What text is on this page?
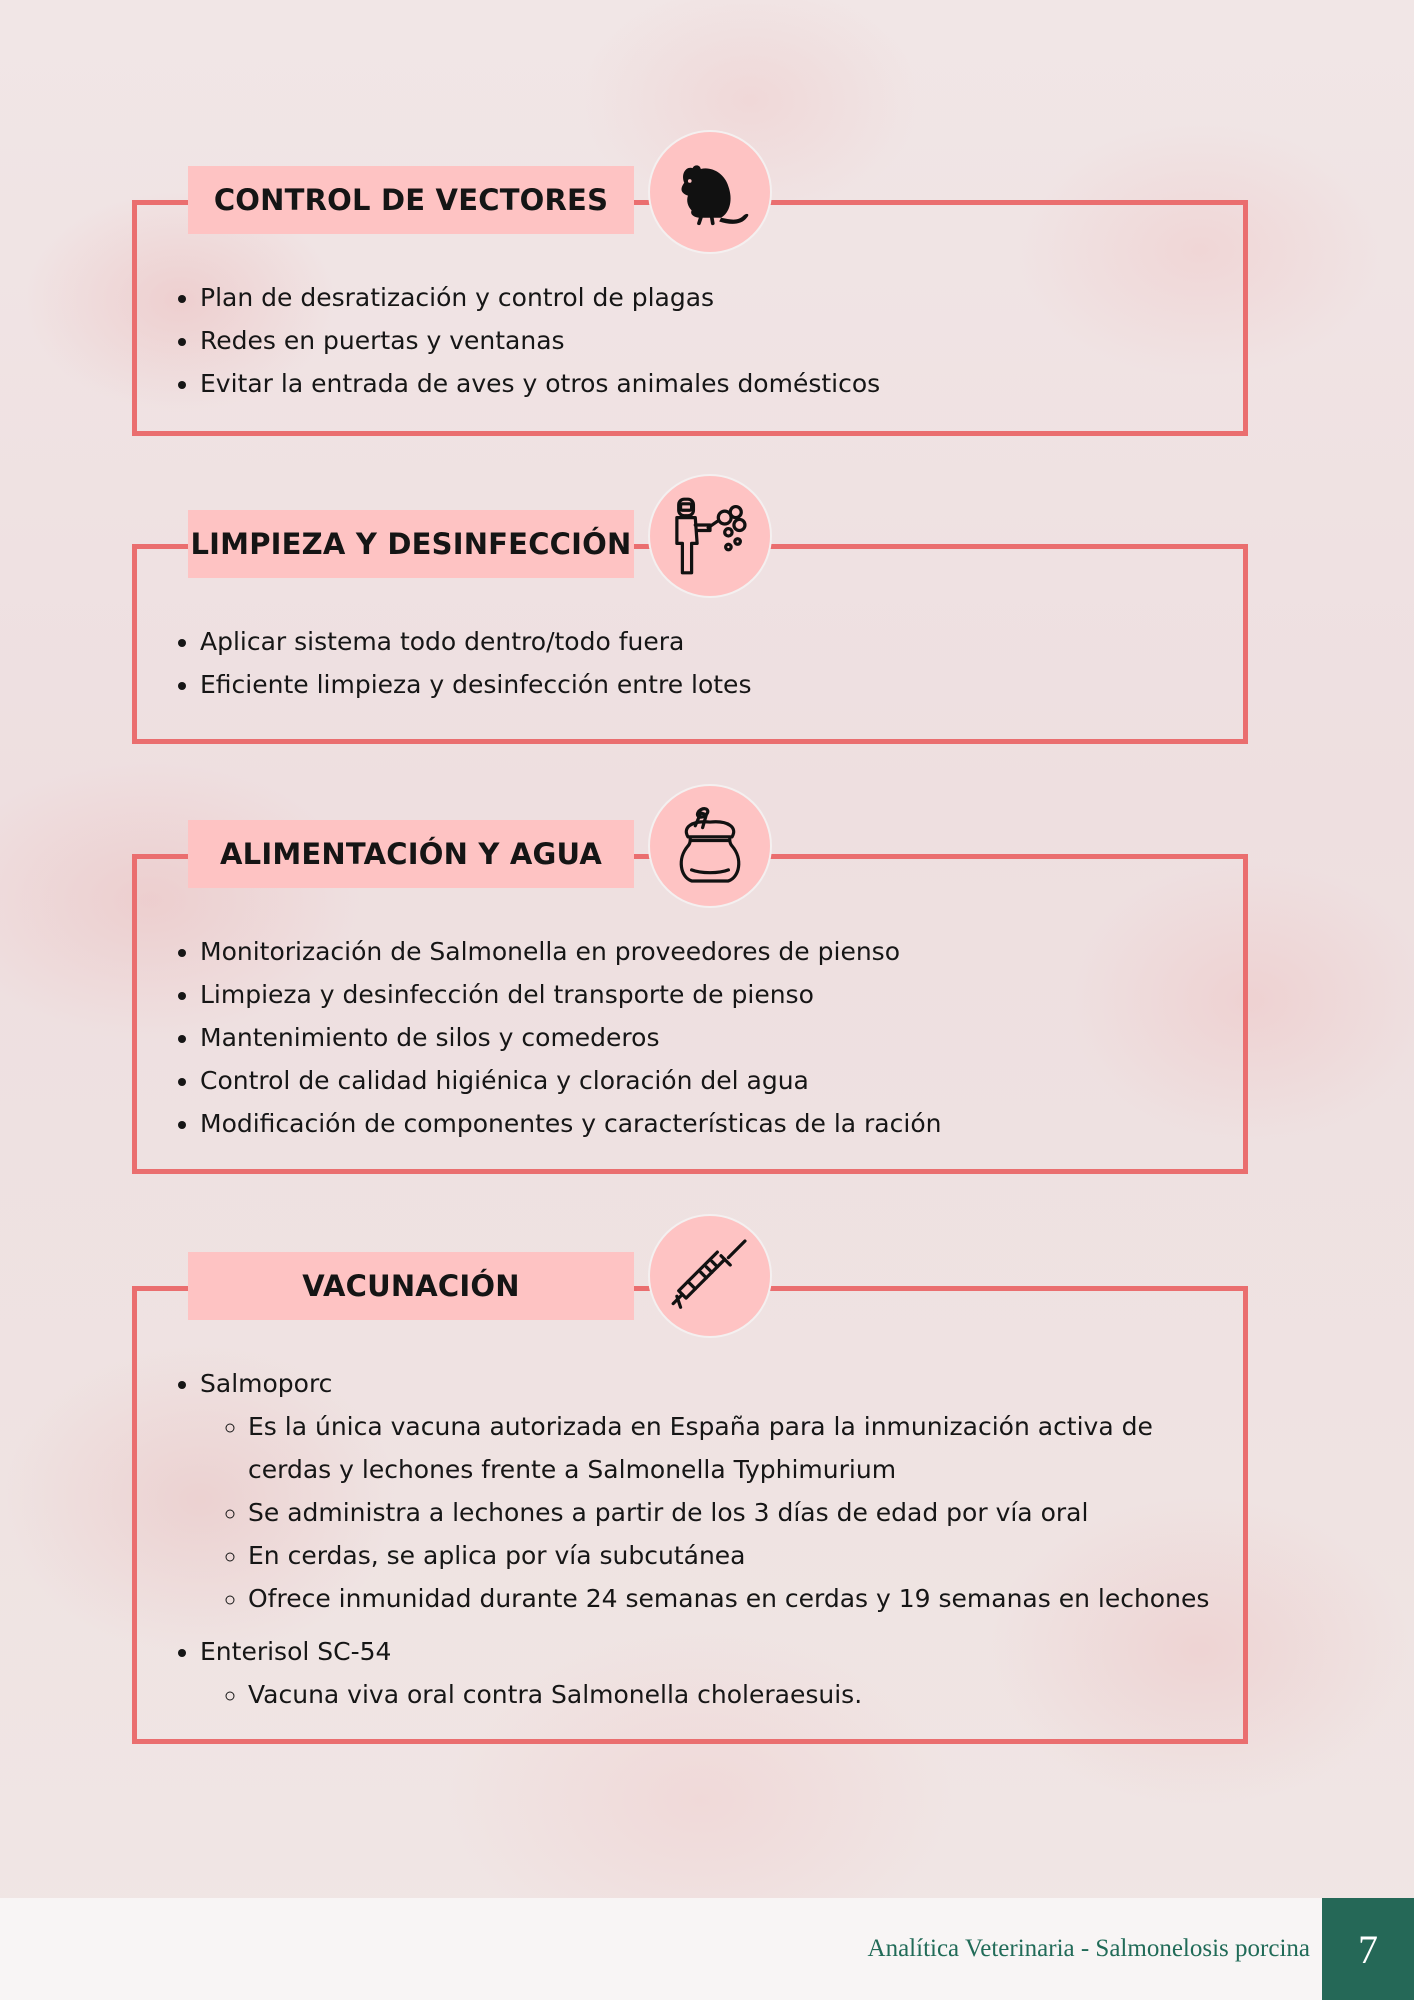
CONTROL DE VECTORES
• Plan de desratización y control de plagas
• Redes en puertas y ventanas
• Evitar la entrada de aves y otros animales domésticos
LIMPIEZA Y DESINFECCIÓN
• Aplicar sistema todo dentro/todo fuera
• Eficiente limpieza y desinfección entre lotes
ALIMENTACIÓN Y AGUA
• Monitorización de Salmonella en proveedores de pienso
• Limpieza y desinfección del transporte de pienso
• Mantenimiento de silos y comederos
• Control de calidad higiénica y cloración del agua
• Modificación de componentes y características de la ración
VACUNACIÓN
• Salmoporc
◦ Es la única vacuna autorizada en España para la inmunización activa de cerdas y lechones frente a Salmonella Typhimurium
◦ Se administra a lechones a partir de los 3 días de edad por vía oral
◦ En cerdas, se aplica por vía subcutánea
◦ Ofrece inmunidad durante 24 semanas en cerdas y 19 semanas en lechones
• Enterisol SC-54
◦ Vacuna viva oral contra Salmonella choleraesuis.
Analítica Veterinaria - Salmonelosis porcina	7
